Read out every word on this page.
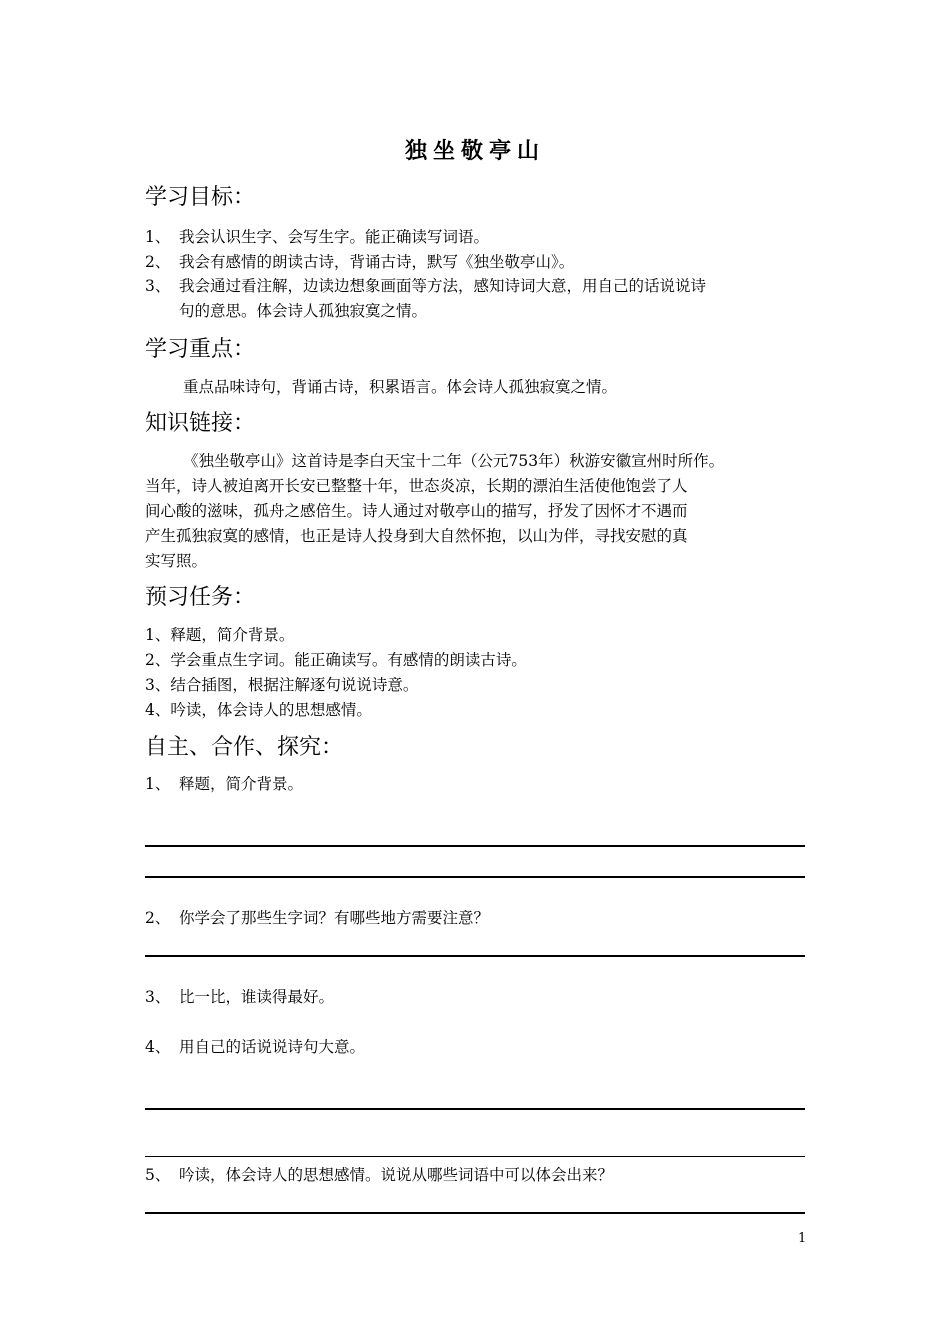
独坐敬亭山
学习目标：
1、 我会认识生字、会写生字。能正确读写词语。
2、 我会有感情的朗读古诗，背诵古诗，默写《独坐敬亭山》。
3、 我会通过看注解，边读边想象画面等方法，感知诗词大意，用自己的话说说诗
句的意思。体会诗人孤独寂寞之情。
学习重点：
重点品味诗句，背诵古诗，积累语言。体会诗人孤独寂寞之情。
知识链接：

《独坐敬亭山》这首诗是李白天宝十二年（公元753年）秋游安徽宣州时所作。

当年，诗人被迫离开长安已整整十年，世态炎凉，长期的漂泊生活使他饱尝了人

间心酸的滋味，孤舟之感倍生。诗人通过对敬亭山的描写，抒发了因怀才不遇而

产生孤独寂寞的感情，也正是诗人投身到大自然怀抱，以山为伴，寻找安慰的真

实写照。

预习任务：
1、释题，简介背景。
2、学会重点生字词。能正确读写。有感情的朗读古诗。
3、结合插图，根据注解逐句说说诗意。
4、吟读，体会诗人的思想感情。
自主、合作、探究：
1、 释题，简介背景。
2、 你学会了那些生字词？有哪些地方需要注意？
3、 比一比，谁读得最好。
4、 用自己的话说说诗句大意。
5、 吟读，体会诗人的思想感情。说说从哪些词语中可以体会出来？
1
